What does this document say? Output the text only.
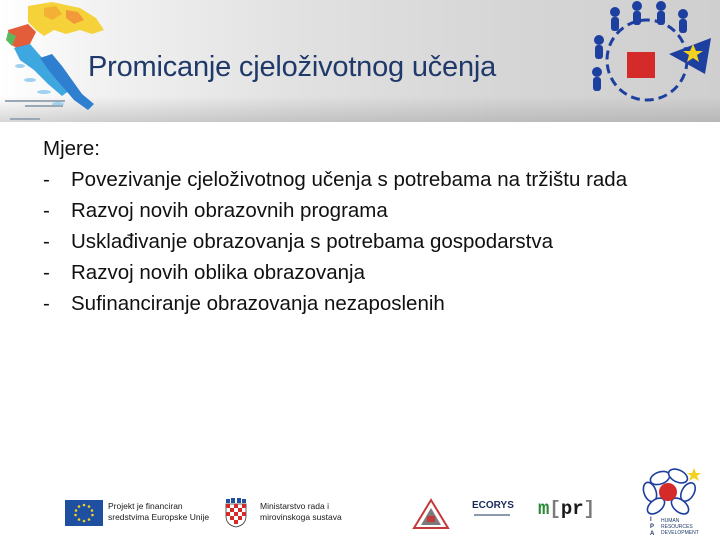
Promicanje cjeloživotnog učenja
Mjere:
- Povezivanje cjeloživotnog učenja s potrebama na tržištu rada
- Razvoj novih obrazovnih programa
- Usklađivanje obrazovanja s potrebama gospodarstva
- Razvoj novih oblika obrazovanja
- Sufinanciranje obrazovanja nezaposlenih
Projekt je financiran
sredstvima Europske Unije
Ministarstvo rada i
mirovinskoga sustava
ECORYS m[pr]	I
P
A
HUMAN
RESOURCES
DEVELOPMENT
